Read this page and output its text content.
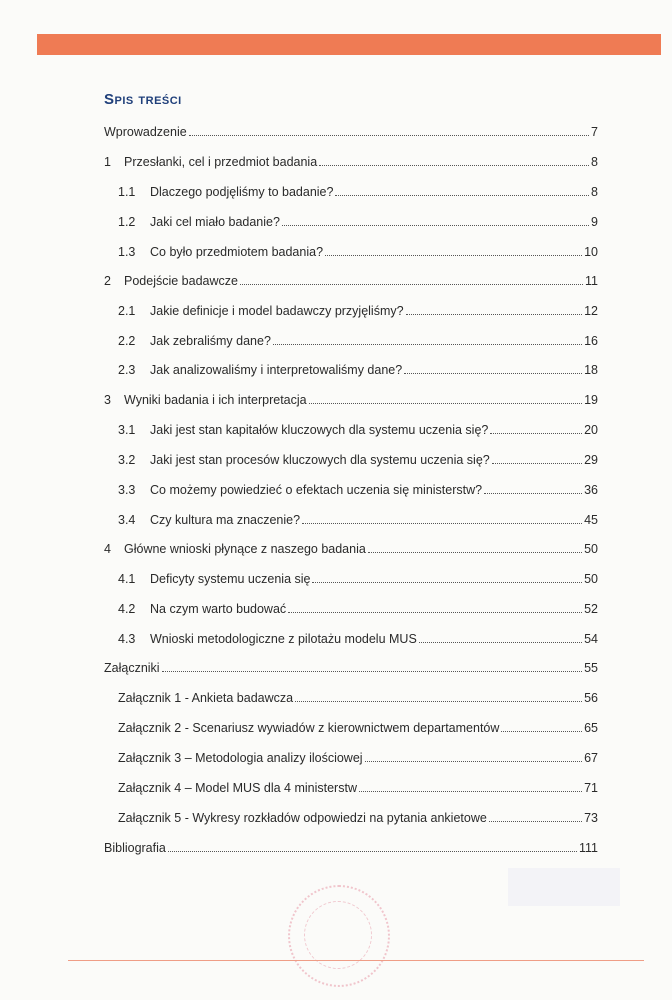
Spis treści
Wprowadzenie	7
1	Przesłanki, cel i przedmiot badania	8
1.1	Dlaczego podjęliśmy to badanie?	8
1.2	Jaki cel miało badanie?	9
1.3	Co było przedmiotem badania?	10
2	Podejście badawcze	11
2.1	Jakie definicje i model badawczy przyjęliśmy?	12
2.2	Jak zebraliśmy dane?	16
2.3	Jak analizowaliśmy i interpretowaliśmy dane?	18
3	Wyniki badania i ich interpretacja	19
3.1	Jaki jest stan kapitałów kluczowych dla systemu uczenia się?	20
3.2	Jaki jest stan procesów kluczowych dla systemu uczenia się?	29
3.3	Co możemy powiedzieć o efektach uczenia się ministerstw?	36
3.4	Czy kultura ma znaczenie?	45
4	Główne wnioski płynące z naszego badania	50
4.1	Deficyty systemu uczenia się	50
4.2	Na czym warto budować	52
4.3	Wnioski metodologiczne z pilotażu modelu MUS	54
Załączniki	55
Załącznik 1 - Ankieta badawcza	56
Załącznik 2 - Scenariusz wywiadów z kierownictwem departamentów	65
Załącznik 3 – Metodologia analizy ilościowej	67
Załącznik 4 – Model MUS dla 4 ministerstw	71
Załącznik 5 - Wykresy rozkładów odpowiedzi na pytania ankietowe	73
Bibliografia	111
